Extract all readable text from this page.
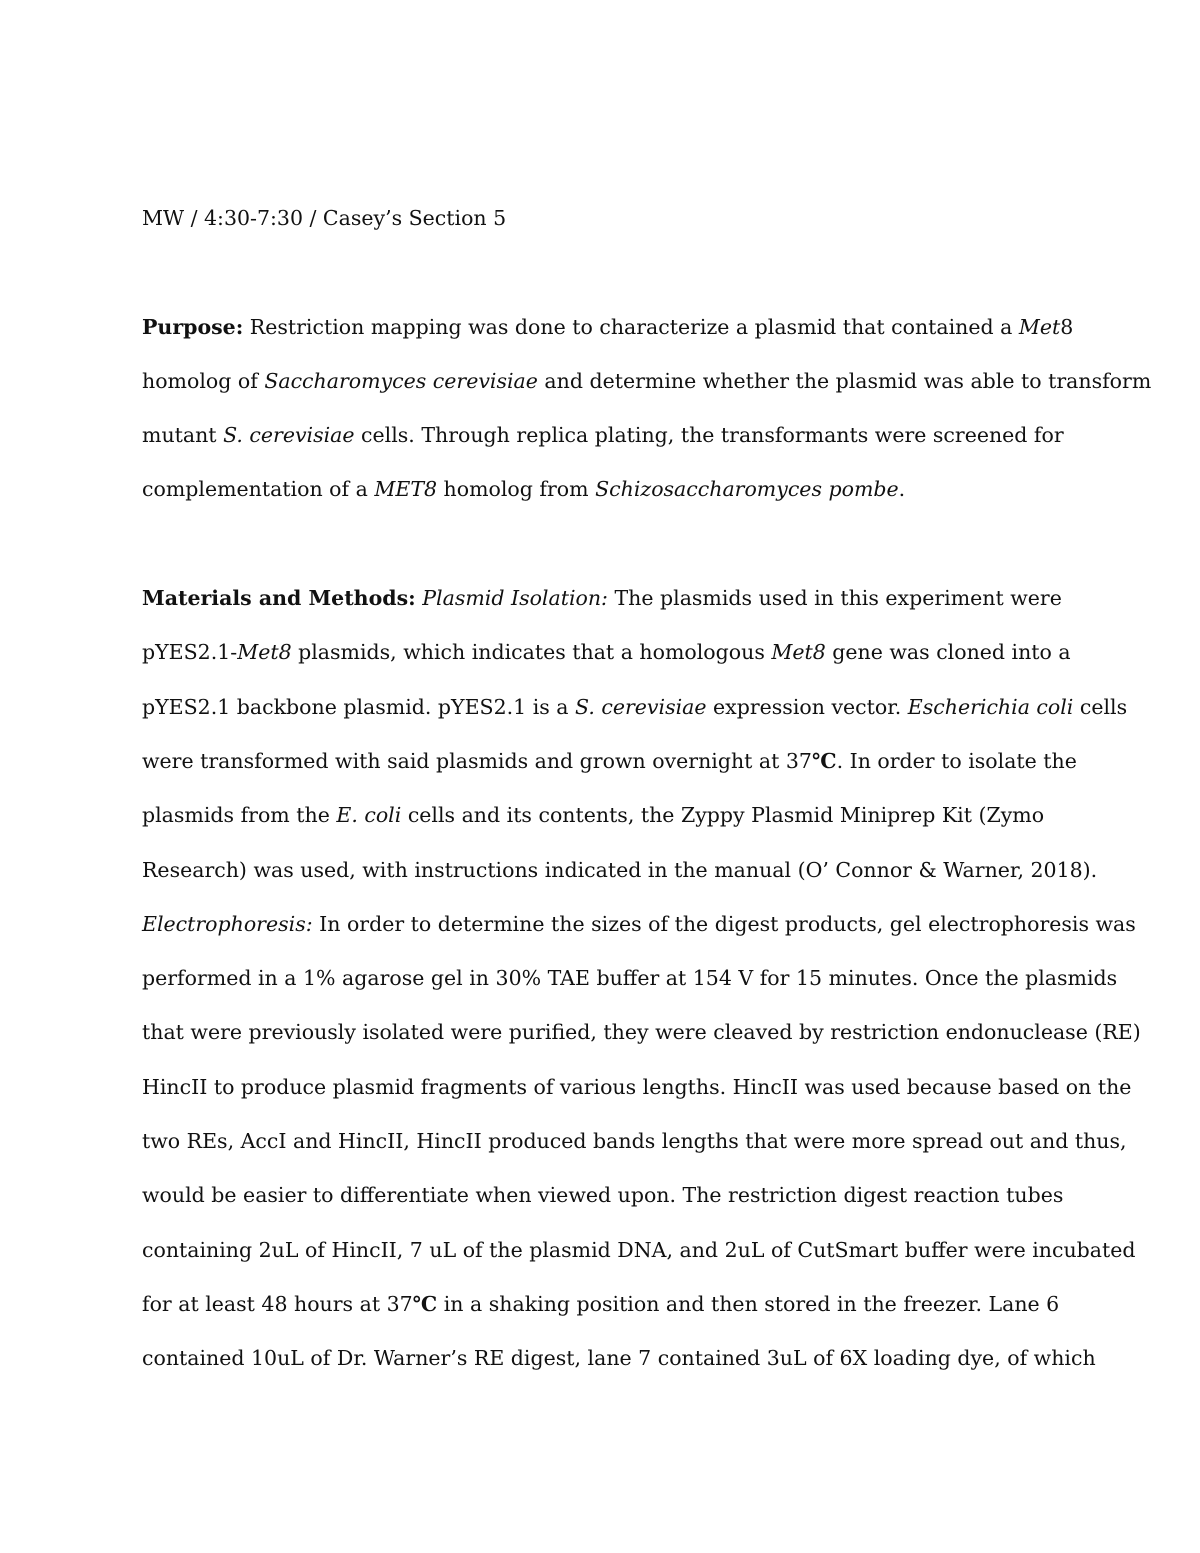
MW / 4:30-7:30 / Casey’s Section 5
Purpose: Restriction mapping was done to characterize a plasmid that contained a Met8
homolog of Saccharomyces cerevisiae and determine whether the plasmid was able to transform
mutant S. cerevisiae cells. Through replica plating, the transformants were screened for
complementation of a MET8 homolog from Schizosaccharomyces pombe.
Materials and Methods: Plasmid Isolation: The plasmids used in this experiment were
pYES2.1-Met8 plasmids, which indicates that a homologous Met8 gene was cloned into a
pYES2.1 backbone plasmid. pYES2.1 is a S. cerevisiae expression vector. Escherichia coli cells
were transformed with said plasmids and grown overnight at 37℃. In order to isolate the
plasmids from the E. coli cells and its contents, the Zyppy Plasmid Miniprep Kit (Zymo
Research) was used, with instructions indicated in the manual (O’ Connor & Warner, 2018).
Electrophoresis: In order to determine the sizes of the digest products, gel electrophoresis was
performed in a 1% agarose gel in 30% TAE buffer at 154 V for 15 minutes. Once the plasmids
that were previously isolated were purified, they were cleaved by restriction endonuclease (RE)
HincII to produce plasmid fragments of various lengths. HincII was used because based on the
two REs, AccI and HincII, HincII produced bands lengths that were more spread out and thus,
would be easier to differentiate when viewed upon. The restriction digest reaction tubes
containing 2uL of HincII, 7 uL of the plasmid DNA, and 2uL of CutSmart buffer were incubated
for at least 48 hours at 37℃ in a shaking position and then stored in the freezer. Lane 6
contained 10uL of Dr. Warner’s RE digest, lane 7 contained 3uL of 6X loading dye, of which
